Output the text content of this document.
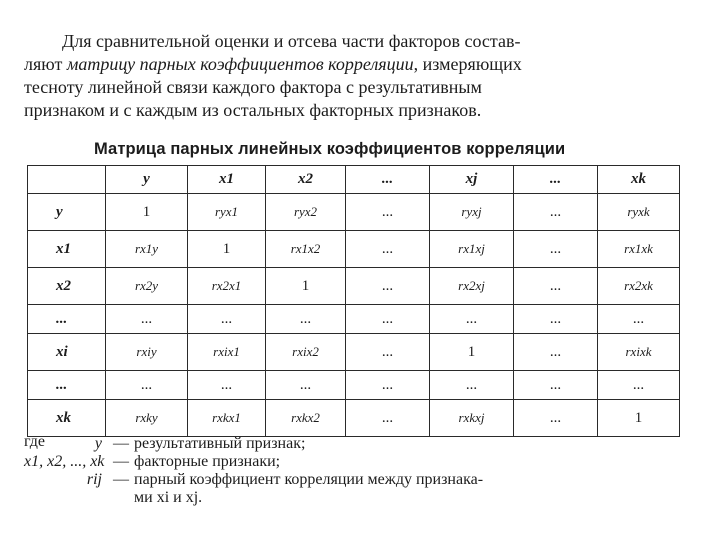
Для сравнительной оценки и отсева части факторов состав-
ляют матрицу парных коэффициентов корреляции, измеряющих
тесноту линейной связи каждого фактора с результативным
признаком и с каждым из остальных факторных признаков.
Матрица парных линейных коэффициентов корреляции
	y	x1	x2	...	xj	...	xk
y	1	ryx1	ryx2	...	ryxj	...	ryxk
x1	rx1y	1	rx1x2	...	rx1xj	...	rx1xk
x2	rx2y	rx2x1	1	...	rx2xj	...	rx2xk
...	...	...	...	...	...	...	...
xi	rxiy	rxix1	rxix2	...	1	...	rxixk
...	...	...	...	...	...	...	...
xk	rxky	rxkx1	rxkx2	...	rxkxj	...	1
где	y — результативный признак;
x1, x2, ..., xk — факторные признаки;
rij — парный коэффициент корреляции между признака-
ми xi и xj.
